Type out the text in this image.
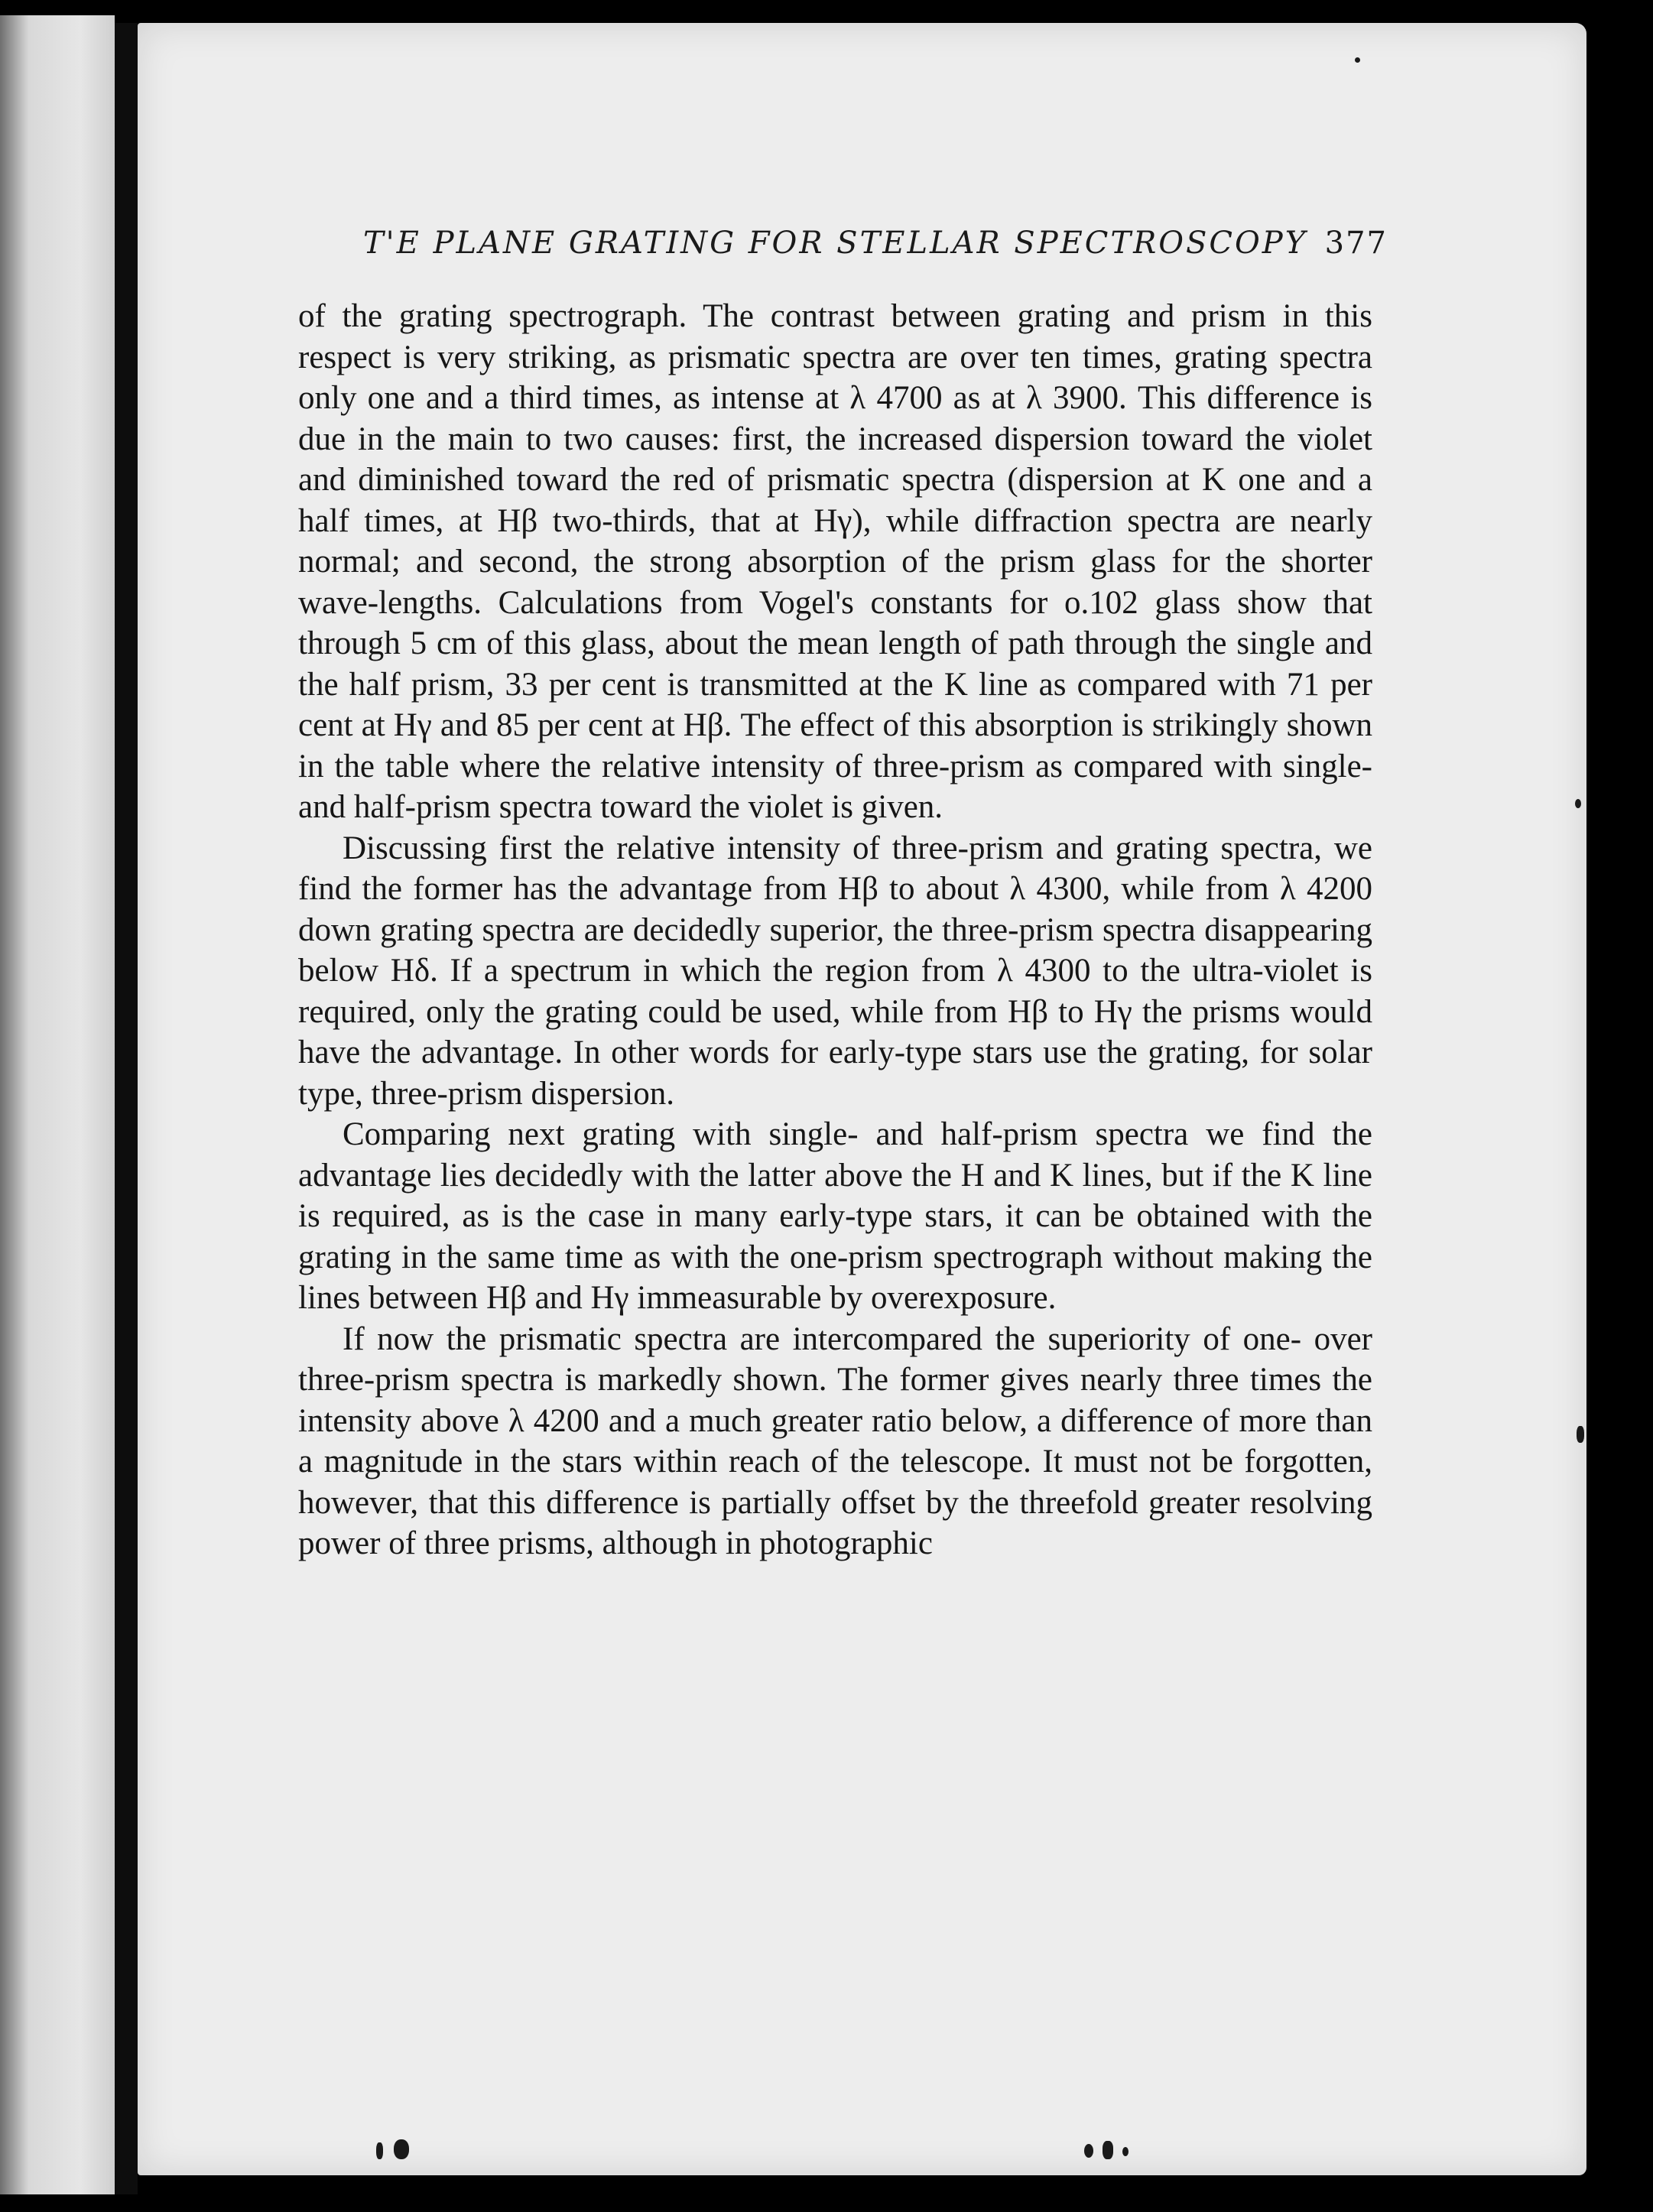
T'E PLANE GRATING FOR STELLAR SPECTROSCOPY 377

of the grating spectrograph. The contrast between grating and prism in this respect is very striking, as prismatic spectra are over ten times, grating spectra only one and a third times, as intense at λ 4700 as at λ 3900. This difference is due in the main to two causes: first, the increased dispersion toward the violet and diminished toward the red of prismatic spectra (dispersion at K one and a half times, at Hβ two-thirds, that at Hγ), while diffraction spectra are nearly normal; and second, the strong absorption of the prism glass for the shorter wave-lengths. Calculations from Vogel's constants for o.102 glass show that through 5 cm of this glass, about the mean length of path through the single and the half prism, 33 per cent is transmitted at the K line as compared with 71 per cent at Hγ and 85 per cent at Hβ. The effect of this absorption is strikingly shown in the table where the relative intensity of three-prism as compared with single- and half-prism spectra toward the violet is given.

Discussing first the relative intensity of three-prism and grating spectra, we find the former has the advantage from Hβ to about λ 4300, while from λ 4200 down grating spectra are decidedly superior, the three-prism spectra disappearing below Hδ. If a spectrum in which the region from λ 4300 to the ultra-violet is required, only the grating could be used, while from Hβ to Hγ the prisms would have the advantage. In other words for early-type stars use the grating, for solar type, three-prism dispersion.

Comparing next grating with single- and half-prism spectra we find the advantage lies decidedly with the latter above the H and K lines, but if the K line is required, as is the case in many early-type stars, it can be obtained with the grating in the same time as with the one-prism spectrograph without making the lines between Hβ and Hγ immeasurable by overexposure.

If now the prismatic spectra are intercompared the superiority of one- over three-prism spectra is markedly shown. The former gives nearly three times the intensity above λ 4200 and a much greater ratio below, a difference of more than a magnitude in the stars within reach of the telescope. It must not be forgotten, however, that this difference is partially offset by the threefold greater resolving power of three prisms, although in photographic
